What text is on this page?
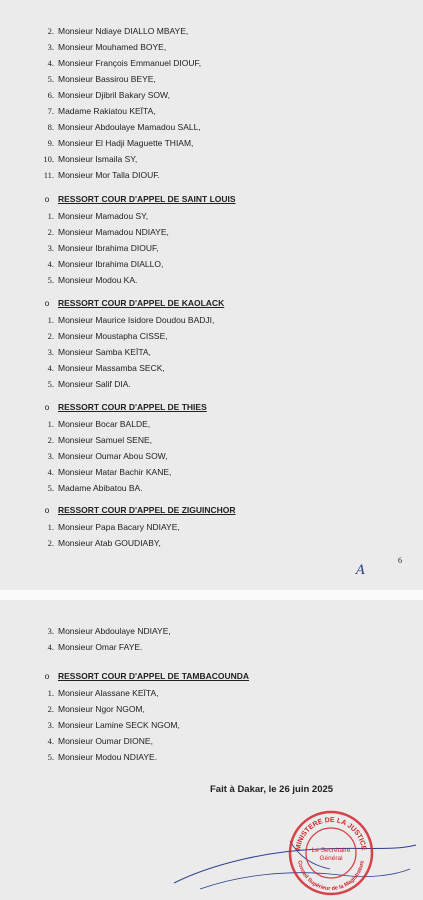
2. Monsieur Ndiaye DIALLO MBAYE,
3. Monsieur Mouhamed BOYE,
4. Monsieur François Emmanuel DIOUF,
5. Monsieur Bassirou BEYE,
6. Monsieur Djibril Bakary SOW,
7. Madame Rakiatou KEÏTA,
8. Monsieur Abdoulaye Mamadou SALL,
9. Monsieur El Hadji Maguette THIAM,
10. Monsieur Ismaila SY,
11. Monsieur Mor Talla DIOUF.
o RESSORT COUR D'APPEL DE SAINT LOUIS
1. Monsieur Mamadou SY,
2. Monsieur Mamadou NDIAYE,
3. Monsieur Ibrahima DIOUF,
4. Monsieur Ibrahima DIALLO,
5. Monsieur Modou KA.
o RESSORT COUR D'APPEL DE KAOLACK
1. Monsieur Maurice Isidore Doudou BADJI,
2. Monsieur Moustapha CISSE,
3. Monsieur Samba KEÏTA,
4. Monsieur Massamba SECK,
5. Monsieur Salif DIA.
o RESSORT COUR D'APPEL DE THIES
1. Monsieur Bocar BALDE,
2. Monsieur Samuel SENE,
3. Monsieur Oumar Abou SOW,
4. Monsieur Matar Bachir KANE,
5. Madame Abibatou BA.
o RESSORT COUR D'APPEL DE ZIGUINCHOR
1. Monsieur Papa Bacary NDIAYE,
2. Monsieur Atab GOUDIABY,
6
A
3. Monsieur Abdoulaye NDIAYE,
4. Monsieur Omar FAYE.
o RESSORT COUR D'APPEL DE TAMBACOUNDA
1. Monsieur Alassane KEÏTA,
2. Monsieur Ngor NGOM,
3. Monsieur Lamine SECK NGOM,
4. Monsieur Oumar DIONE,
5. Monsieur Modou NDIAYE.
Fait à Dakar, le 26 juin 2025
MINISTERE DE LA JUSTICE
Conseil Supérieur de la Magistrature
Le Secrétaire
Général
